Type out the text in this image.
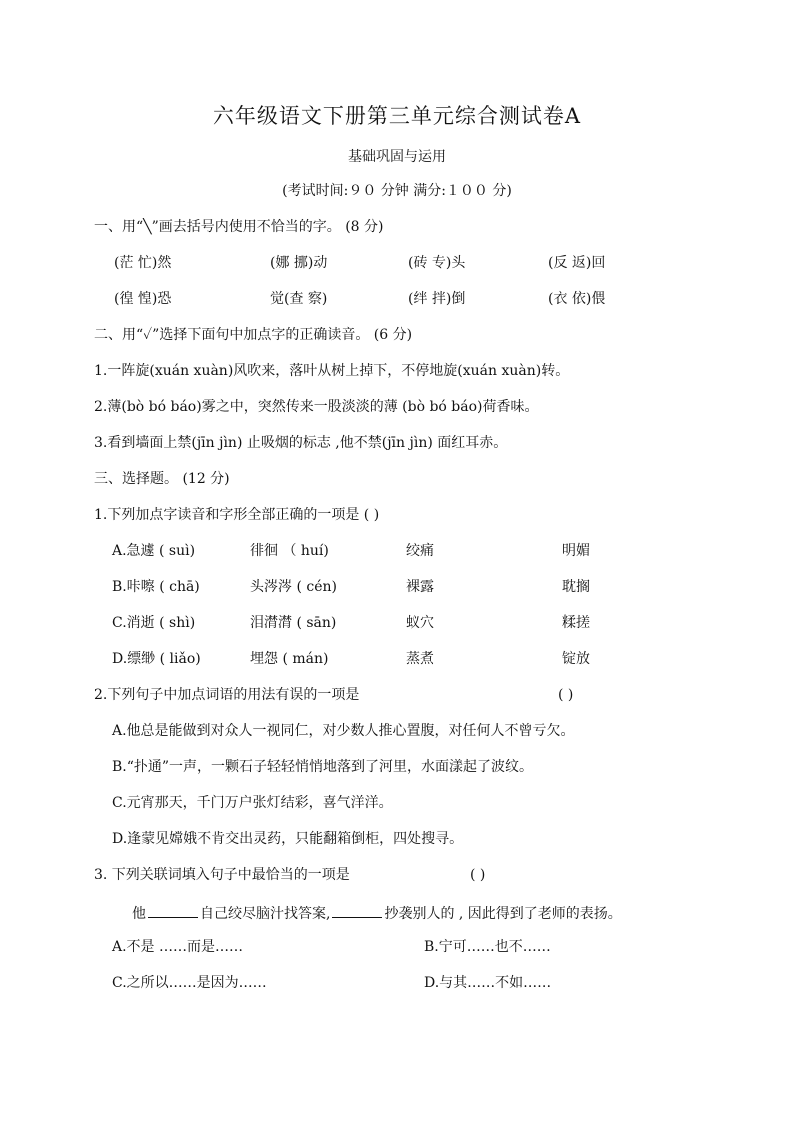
六年级语文下册第三单元综合测试卷A
基础巩固与运用
(考试时间:９０ 分钟 满分:１００ 分)
一、用“╲”画去括号内使用不恰当的字。 (8 分)
(茫 忙)然	(娜 挪)动	(砖 专)头	(反 返)回
(徨 惶)恐	觉(查 察)	(绊 拌)倒	(衣 依)偎
二、用“✓”选择下面句中加点字的正确读音。 (6 分)
1.一阵旋(xuán xuàn)风吹来，落叶从树上掉下，不停地旋(xuán xuàn)转。
2.薄(bò bó báo)雾之中，突然传来一股淡淡的薄 (bò bó báo)荷香味。
3.看到墙面上禁(jīn jìn) 止吸烟的标志 ,他不禁(jīn jìn) 面红耳赤。
三、选择题。 (12 分)
1.下列加点字读音和字形全部正确的一项是 ( )
A.急遽 ( suì)	徘徊 （ huí)	绞痛	明媚
B.咔嚓 ( chā)	头涔涔 ( cén)	裸露	耽搁
C.消逝 ( shì)	泪潸潸 ( sān)	蚁穴	糅搓
D.缥缈 ( liǎo)	埋怨 ( mán)	蒸煮	锭放
2.下列句子中加点词语的用法有误的一项是	( )
A.他总是能做到对众人一视同仁，对少数人推心置腹，对任何人不曾亏欠。
B.“扑通”一声，一颗石子轻轻悄悄地落到了河里，水面漾起了波纹。
C.元宵那天，千门万户张灯结彩，喜气洋洋。
D.逢蒙见嫦娥不肯交出灵药，只能翻箱倒柜，四处搜寻。
3. 下列关联词填入句子中最恰当的一项是	( )
他	自己绞尽脑汁找答案,	抄袭别人的 , 因此得到了老师的表扬。
A.不是 ……而是……	B.宁可……也不……
C.之所以……是因为……	D.与其……不如……
